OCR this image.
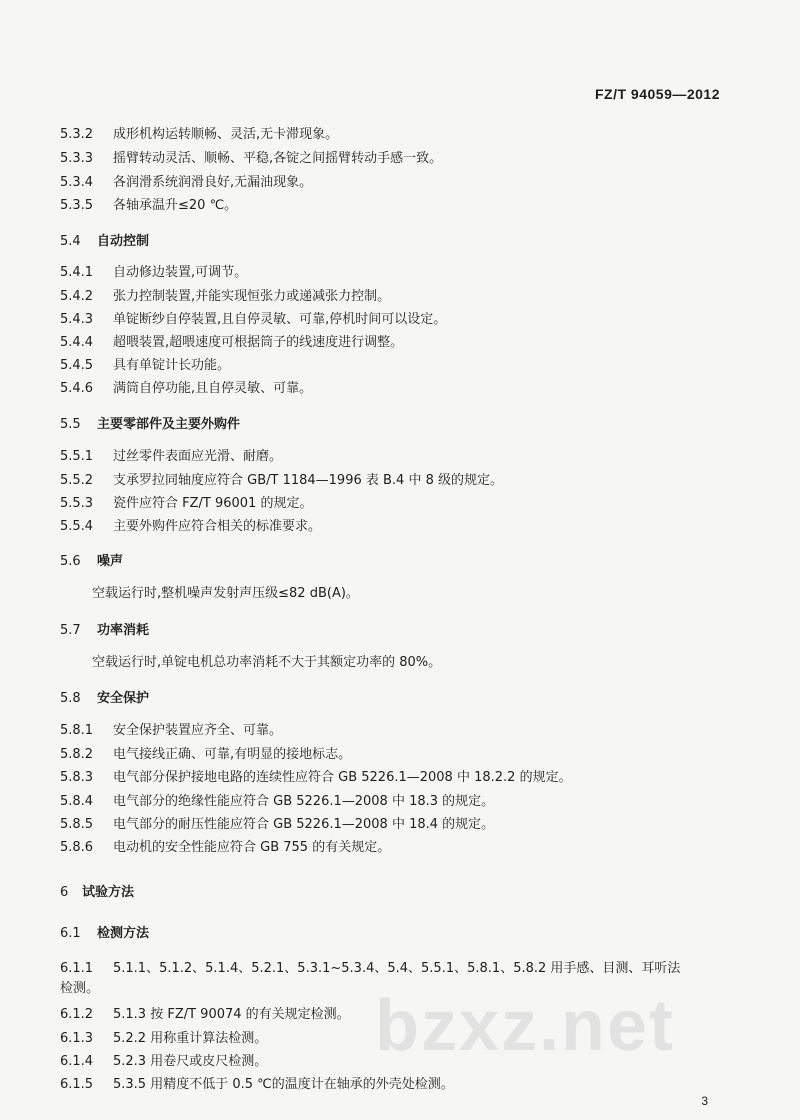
FZ/T 94059—2012
5.3.2 成形机构运转顺畅、灵活,无卡滞现象。
5.3.3 摇臂转动灵活、顺畅、平稳,各锭之间摇臂转动手感一致。
5.3.4 各润滑系统润滑良好,无漏油现象。
5.3.5 各轴承温升≤20 ℃。
5.4 自动控制
5.4.1 自动修边装置,可调节。
5.4.2 张力控制装置,并能实现恒张力或递减张力控制。
5.4.3 单锭断纱自停装置,且自停灵敏、可靠,停机时间可以设定。
5.4.4 超喂装置,超喂速度可根据筒子的线速度进行调整。
5.4.5 具有单锭计长功能。
5.4.6 满筒自停功能,且自停灵敏、可靠。
5.5 主要零部件及主要外购件
5.5.1 过丝零件表面应光滑、耐磨。
5.5.2 支承罗拉同轴度应符合 GB/T 1184—1996 表 B.4 中 8 级的规定。
5.5.3 瓷件应符合 FZ/T 96001 的规定。
5.5.4 主要外购件应符合相关的标准要求。
5.6 噪声
空载运行时,整机噪声发射声压级≤82 dB(A)。
5.7 功率消耗
空载运行时,单锭电机总功率消耗不大于其额定功率的 80%。
5.8 安全保护
5.8.1 安全保护装置应齐全、可靠。
5.8.2 电气接线正确、可靠,有明显的接地标志。
5.8.3 电气部分保护接地电路的连续性应符合 GB 5226.1—2008 中 18.2.2 的规定。
5.8.4 电气部分的绝缘性能应符合 GB 5226.1—2008 中 18.3 的规定。
5.8.5 电气部分的耐压性能应符合 GB 5226.1—2008 中 18.4 的规定。
5.8.6 电动机的安全性能应符合 GB 755 的有关规定。
6 试验方法
6.1 检测方法
6.1.1 5.1.1、5.1.2、5.1.4、5.2.1、5.3.1~5.3.4、5.4、5.5.1、5.8.1、5.8.2 用手感、目测、耳听法
检测。
6.1.2 5.1.3 按 FZ/T 90074 的有关规定检测。
6.1.3 5.2.2 用称重计算法检测。
6.1.4 5.2.3 用卷尺或皮尺检测。
6.1.5 5.3.5 用精度不低于 0.5 ℃的温度计在轴承的外壳处检测。
bzxz.net
3
